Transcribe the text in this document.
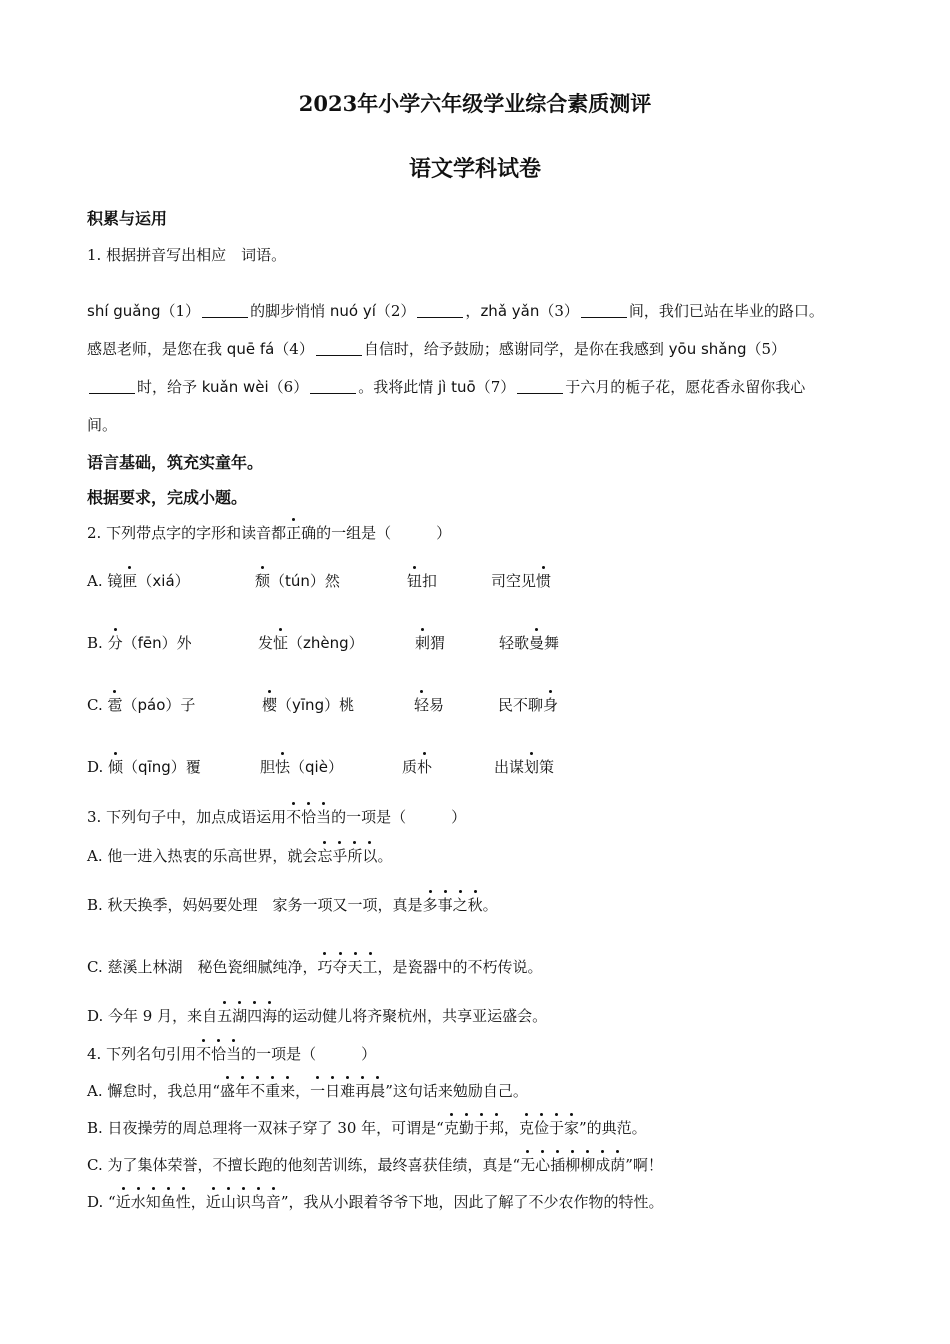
2023年小学六年级学业综合素质测评
语文学科试卷
积累与运用
1. 根据拼音写出相应　词语。
shí guǎng（1）	的脚步悄悄 nuó yí（2）	，zhǎ yǎn（3）	间，我们已站在毕业的路口。
感恩老师，是您在我 quē fá（4）	自信时，给予鼓励；感谢同学，是你在我感到 yōu shǎng（5）
时，给予 kuǎn wèi（6）	。我将此情 jì tuō（7）	于六月的栀子花，愿花香永留你我心
间。
语言基础，筑充实童年。
根据要求，完成小题。
2. 下列带点字的字形和读音都正确的一组是（　　　）
A. 镜匣（xiá）	颓（tún）然	钮扣	司空见惯
B. 分（fēn）外	发怔（zhèng）	刺猬	轻歌曼舞
C. 雹（páo）子	樱（yīng）桃	轻易	民不聊身
D. 倾（qīng）覆	胆怯（qiè）	质朴	出谋划策
3. 下列句子中，加点成语运用不恰当的一项是（　　　）
A. 他一进入热衷的乐高世界，就会忘乎所以。
B. 秋天换季，妈妈要处理　家务一项又一项，真是多事之秋。
C. 慈溪上林湖　秘色瓷细腻纯净，巧夺天工，是瓷器中的不朽传说。
D. 今年 9 月，来自五湖四海的运动健儿将齐聚杭州，共享亚运盛会。
4. 下列名句引用不恰当的一项是（　　　）
A. 懈怠时，我总用“盛年不重来，一日难再晨”这句话来勉励自己。
B. 日夜操劳的周总理将一双袜子穿了 30 年，可谓是“克勤于邦，克俭于家”的典范。
C. 为了集体荣誉，不擅长跑的他刻苦训练，最终喜获佳绩，真是“无心插柳柳成荫”啊！
D. “近水知鱼性，近山识鸟音”，我从小跟着爷爷下地，因此了解了不少农作物的特性。
